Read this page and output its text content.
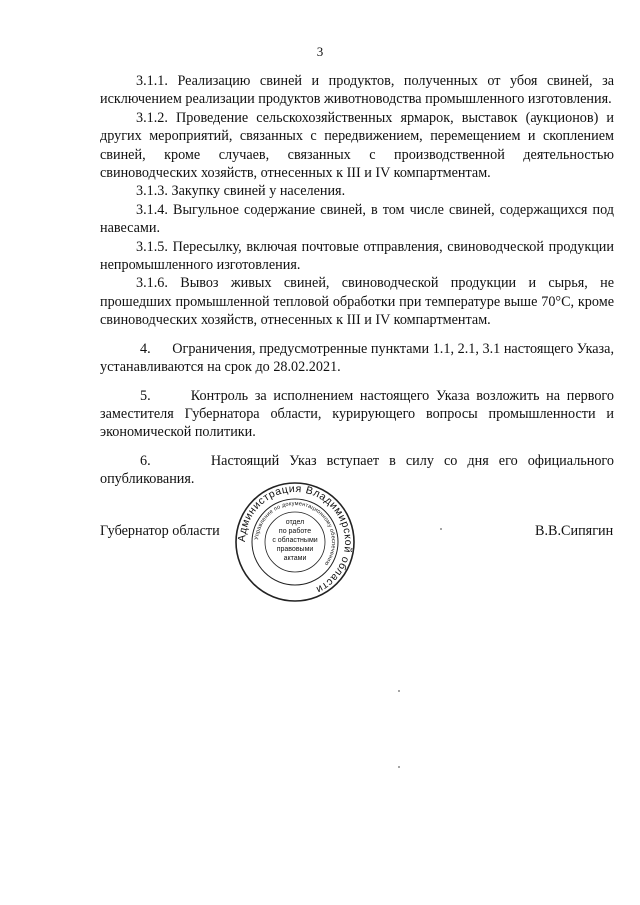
3

3.1.1. Реализацию свиней и продуктов, полученных от убоя свиней, за исключением реализации продуктов животноводства промышленного изготовления.

3.1.2. Проведение сельскохозяйственных ярмарок, выставок (аукционов) и других мероприятий, связанных с передвижением, перемещением и скоплением свиней, кроме случаев, связанных с производственной деятельностью свиноводческих хозяйств, отнесенных к III и IV компартментам.

3.1.3. Закупку свиней у населения.

3.1.4. Выгульное содержание свиней, в том числе свиней, содержащихся под навесами.

3.1.5. Пересылку, включая почтовые отправления, свиноводческой продукции непромышленного изготовления.

3.1.6. Вывоз живых свиней, свиноводческой продукции и сырья, не прошедших промышленной тепловой обработки при температуре выше 70°С, кроме свиноводческих хозяйств, отнесенных к III и IV компартментам.

4.      Ограничения, предусмотренные пунктами 1.1, 2.1, 3.1 настоящего Указа, устанавливаются на срок до 28.02.2021.

5.      Контроль за исполнением настоящего Указа возложить на первого заместителя Губернатора области, курирующего вопросы промышленности и экономической политики.

6.      Настоящий Указ вступает в силу со дня его официального опубликования.

Губернатор области	В.В.Сипягин
Администрация Владимирской области
Управление по документационному обеспечению
отдел
по работе
с областными
правовыми
актами
